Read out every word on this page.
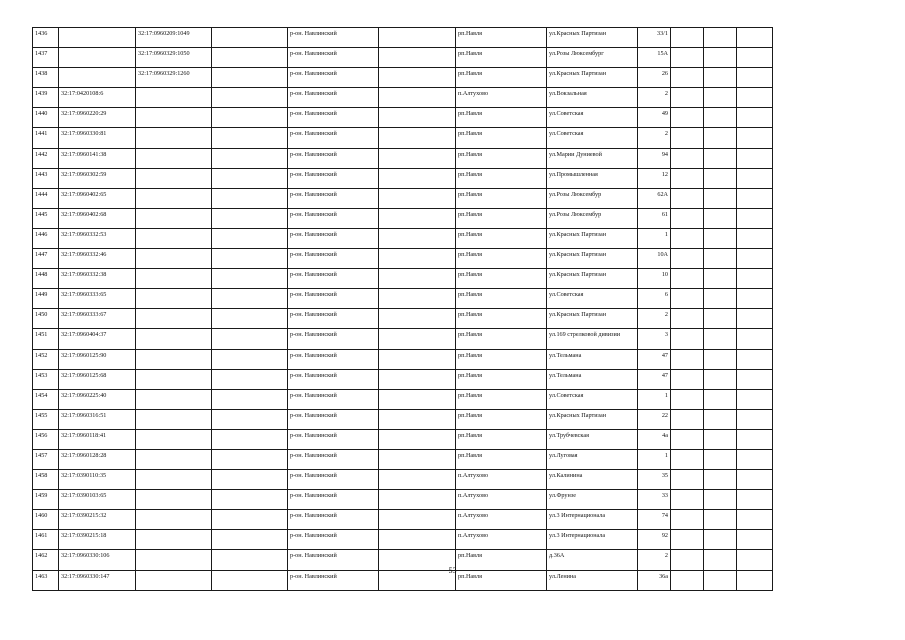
1436		32:17:0960209:1049		р-он. Навлинский		рп.Навля	ул.Красных Партизан	33/1			
1437		32:17:0960329:1050		р-он. Навлинский		рп.Навля	ул.Розы Люксембург	15А			
1438		32:17:0960329:1260		р-он. Навлинский		рп.Навля	ул.Красных Партизан	26			
1439	32:17:0420108:6			р-он. Навлинский		п.Алтухово	ул.Вокзальная	2			
1440	32:17:0960220:29			р-он. Навлинский		рп.Навля	ул.Советская	49			
1441	32:17:0960330:81			р-он. Навлинский		рп.Навля	ул.Советская	2			
1442	32:17:0960141:38			р-он. Навлинский		рп.Навля	ул.Марии Дуниевой	94			
1443	32:17:0960302:59			р-он. Навлинский		рп.Навля	ул.Промышленная	12			
1444	32:17:0960402:65			р-он. Навлинский		рп.Навля	ул.Розы Люксембур	62А			
1445	32:17:0960402:68			р-он. Навлинский		рп.Навля	ул.Розы Люксембур	61			
1446	32:17:0960332:53			р-он. Навлинский		рп.Навля	ул.Красных Партизан	1			
1447	32:17:0960332:46			р-он. Навлинский		рп.Навля	ул.Красных Партизан	10А			
1448	32:17:0960332:38			р-он. Навлинский		рп.Навля	ул.Красных Партизан	10			
1449	32:17:0960333:65			р-он. Навлинский		рп.Навля	ул.Советская	6			
1450	32:17:0960333:67			р-он. Навлинский		рп.Навля	ул.Красных Партизан	2			
1451	32:17:0960404:37			р-он. Навлинский		рп.Навля	ул.169 стрелковой дивизии	3			
1452	32:17:0960125:90			р-он. Навлинский		рп.Навля	ул.Тельмана	47			
1453	32:17:0960125:68			р-он. Навлинский		рп.Навля	ул.Тельмана	47			
1454	32:17:0960225:40			р-он. Навлинский		рп.Навля	ул.Советская	1			
1455	32:17:0960316:51			р-он. Навлинский		рп.Навля	ул.Красных Партизан	22			
1456	32:17:0960118:41			р-он. Навлинский		рп.Навля	ул.Трубчевская	4а			
1457	32:17:0960128:28			р-он. Навлинский		рп.Навля	ул.Луговая	1			
1458	32:17:0390110:35			р-он. Навлинский		п.Алтухово	ул.Калинина	35			
1459	32:17:0390103:65			р-он. Навлинский		п.Алтухово	ул.Фрунзе	33			
1460	32:17:0390215:32			р-он. Навлинский		п.Алтухово	ул.3 Интернационала	74			
1461	32:17:0390215:18			р-он. Навлинский		п.Алтухово	ул.3 Интернационала	92			
1462	32:17:0960330:106			р-он. Навлинский		рп.Навля	д.36А	2			
1463	32:17:0960330:147			р-он. Навлинский		рп.Навля	ул.Ленина	36а			
53
